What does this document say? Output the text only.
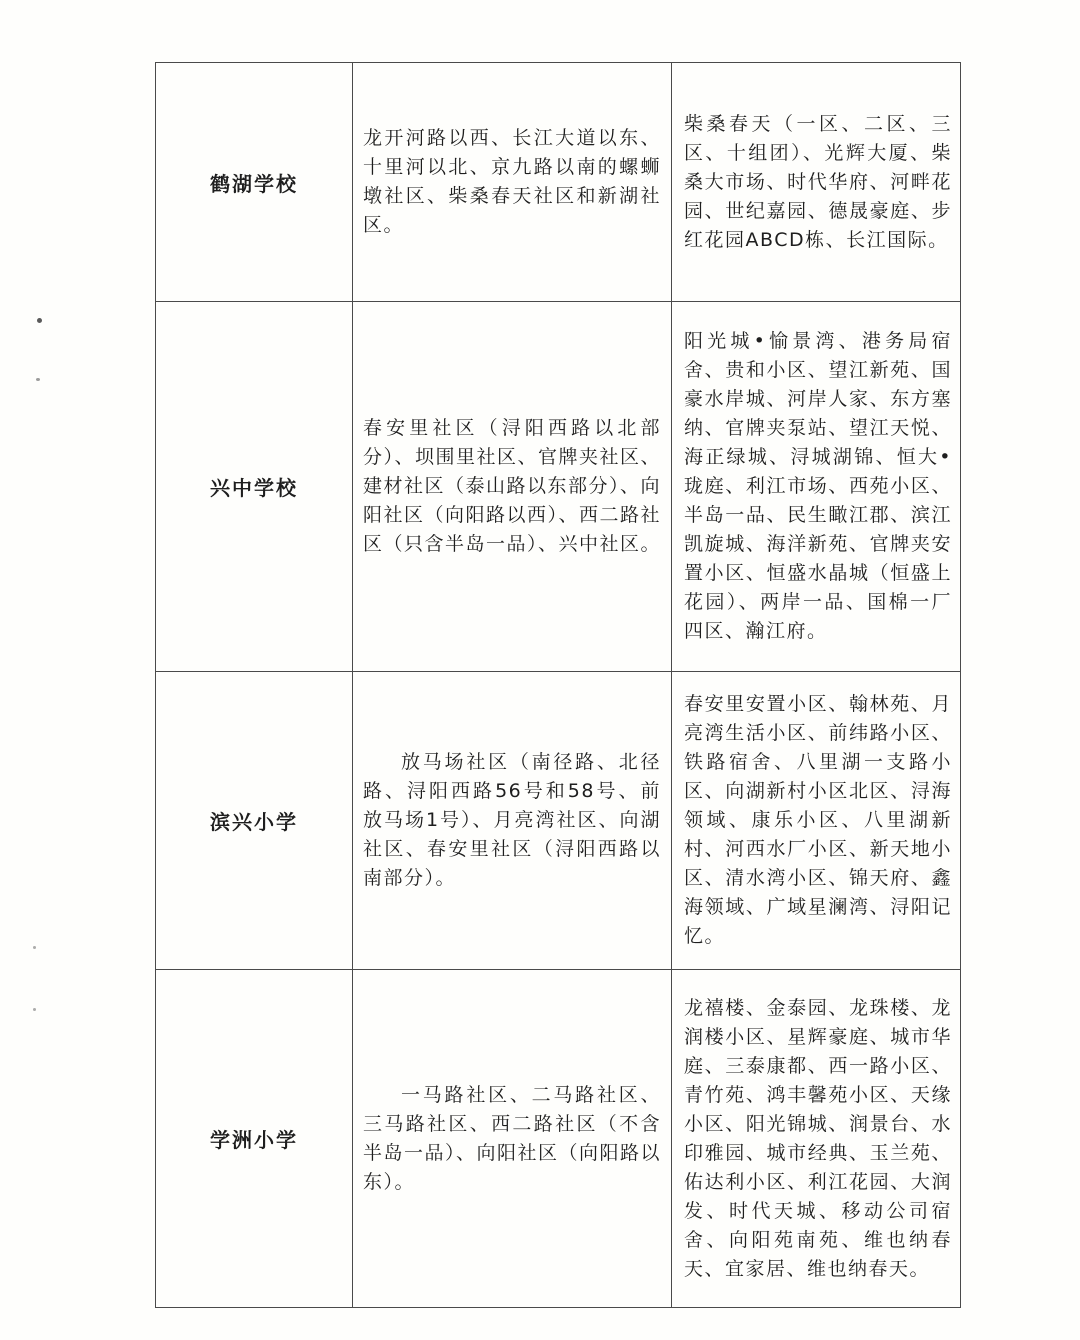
鹤湖学校	龙开河路以西、长江大道以东、十里河以北、京九路以南的螺蛳墩社区、柴桑春天社区和新湖社区。	柴桑春天（一区、二区、三区、十组团）、光辉大厦、柴桑大市场、时代华府、河畔花园、世纪嘉园、德晟豪庭、步红花园ABCD栋、长江国际。
兴中学校	春安里社区（浔阳西路以北部分）、坝围里社区、官牌夹社区、建材社区（泰山路以东部分）、向阳社区（向阳路以西）、西二路社区（只含半岛一品）、兴中社区。	阳光城•愉景湾、港务局宿舍、贵和小区、望江新苑、国豪水岸城、河岸人家、东方塞纳、官牌夹泵站、望江天悦、海正绿城、浔城湖锦、恒大•珑庭、利江市场、西苑小区、半岛一品、民生瞰江郡、滨江凯旋城、海洋新苑、官牌夹安置小区、恒盛水晶城（恒盛上花园）、两岸一品、国棉一厂四区、瀚江府。
滨兴小学	放马场社区（南径路、北径路、浔阳西路56号和58号、前放马场1号）、月亮湾社区、向湖社区、春安里社区（浔阳西路以南部分）。	春安里安置小区、翰林苑、月亮湾生活小区、前纬路小区、铁路宿舍、八里湖一支路小区、向湖新村小区北区、浔海领域、康乐小区、八里湖新村、河西水厂小区、新天地小区、清水湾小区、锦天府、鑫海领域、广域星澜湾、浔阳记忆。
学洲小学	一马路社区、二马路社区、三马路社区、西二路社区（不含半岛一品）、向阳社区（向阳路以东）。	龙禧楼、金泰园、龙珠楼、龙润楼小区、星辉豪庭、城市华庭、三泰康都、西一路小区、青竹苑、鸿丰馨苑小区、天缘小区、阳光锦城、润景台、水印雅园、城市经典、玉兰苑、佑达利小区、利江花园、大润发、时代天城、移动公司宿舍、向阳苑南苑、维也纳春天、宜家居、维也纳春天。
